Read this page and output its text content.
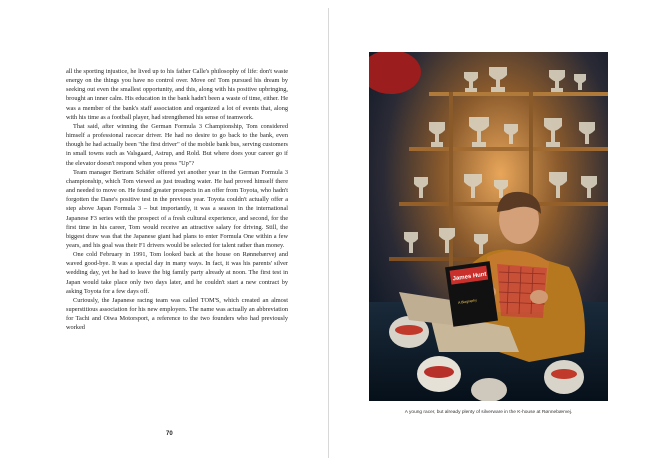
all the sporting injustice, he lived up to his father Calle's philosophy of life: don't waste energy on the things you have no control over. Move on! Tom pursued his dream by seeking out even the smallest opportunity, and this, along with his positive upbringing, brought an inner calm. His education in the bank hadn't been a waste of time, either. He was a member of the bank's staff association and organized a lot of events that, along with his time as a football player, had strengthened his sense of teamwork.

That said, after winning the German Formula 3 Championship, Tom considered himself a professional racecar driver. He had no desire to go back to the bank, even though he had actually been "the first driver" of the mobile bank bus, serving customers in small towns such as Valsgaard, Astrup, and Rold. But where does your career go if the elevator doesn't respond when you press "Up"?

Team manager Bertram Schäfer offered yet another year in the German Formula 3 championship, which Tom viewed as just treading water. He had proved himself there and needed to move on. He found greater prospects in an offer from Toyota, who hadn't forgotten the Dane's positive test in the previous year. Toyota couldn't actually offer a step above Japan Formula 3 – but importantly, it was a season in the international Japanese F3 series with the prospect of a fresh cultural experience, and second, for the first time in his career, Tom would receive an attractive salary for driving. Still, the biggest draw was that the Japanese giant had plans to enter Formula One within a few years, and his goal was their F1 drivers would be selected for talent rather than money.

One cold February in 1991, Tom looked back at the house on Rønnebærvej and waved good-bye. It was a special day in many ways. In fact, it was his parents' silver wedding day, yet he had to leave the big family party already at noon. The first test in Japan would take place only two days later, and he couldn't start a new contract by asking Toyota for a few days off.

Curiously, the Japanese racing team was called TOM'S, which created an almost superstitious association for his new employers. The name was actually an abbreviation for Tachi and Oiwa Motorsport, a reference to the two founders who had previously worked

70
James Hunt
A Biography
A young racer, but already plenty of silverware in the K-house at Rønnebærvej.
